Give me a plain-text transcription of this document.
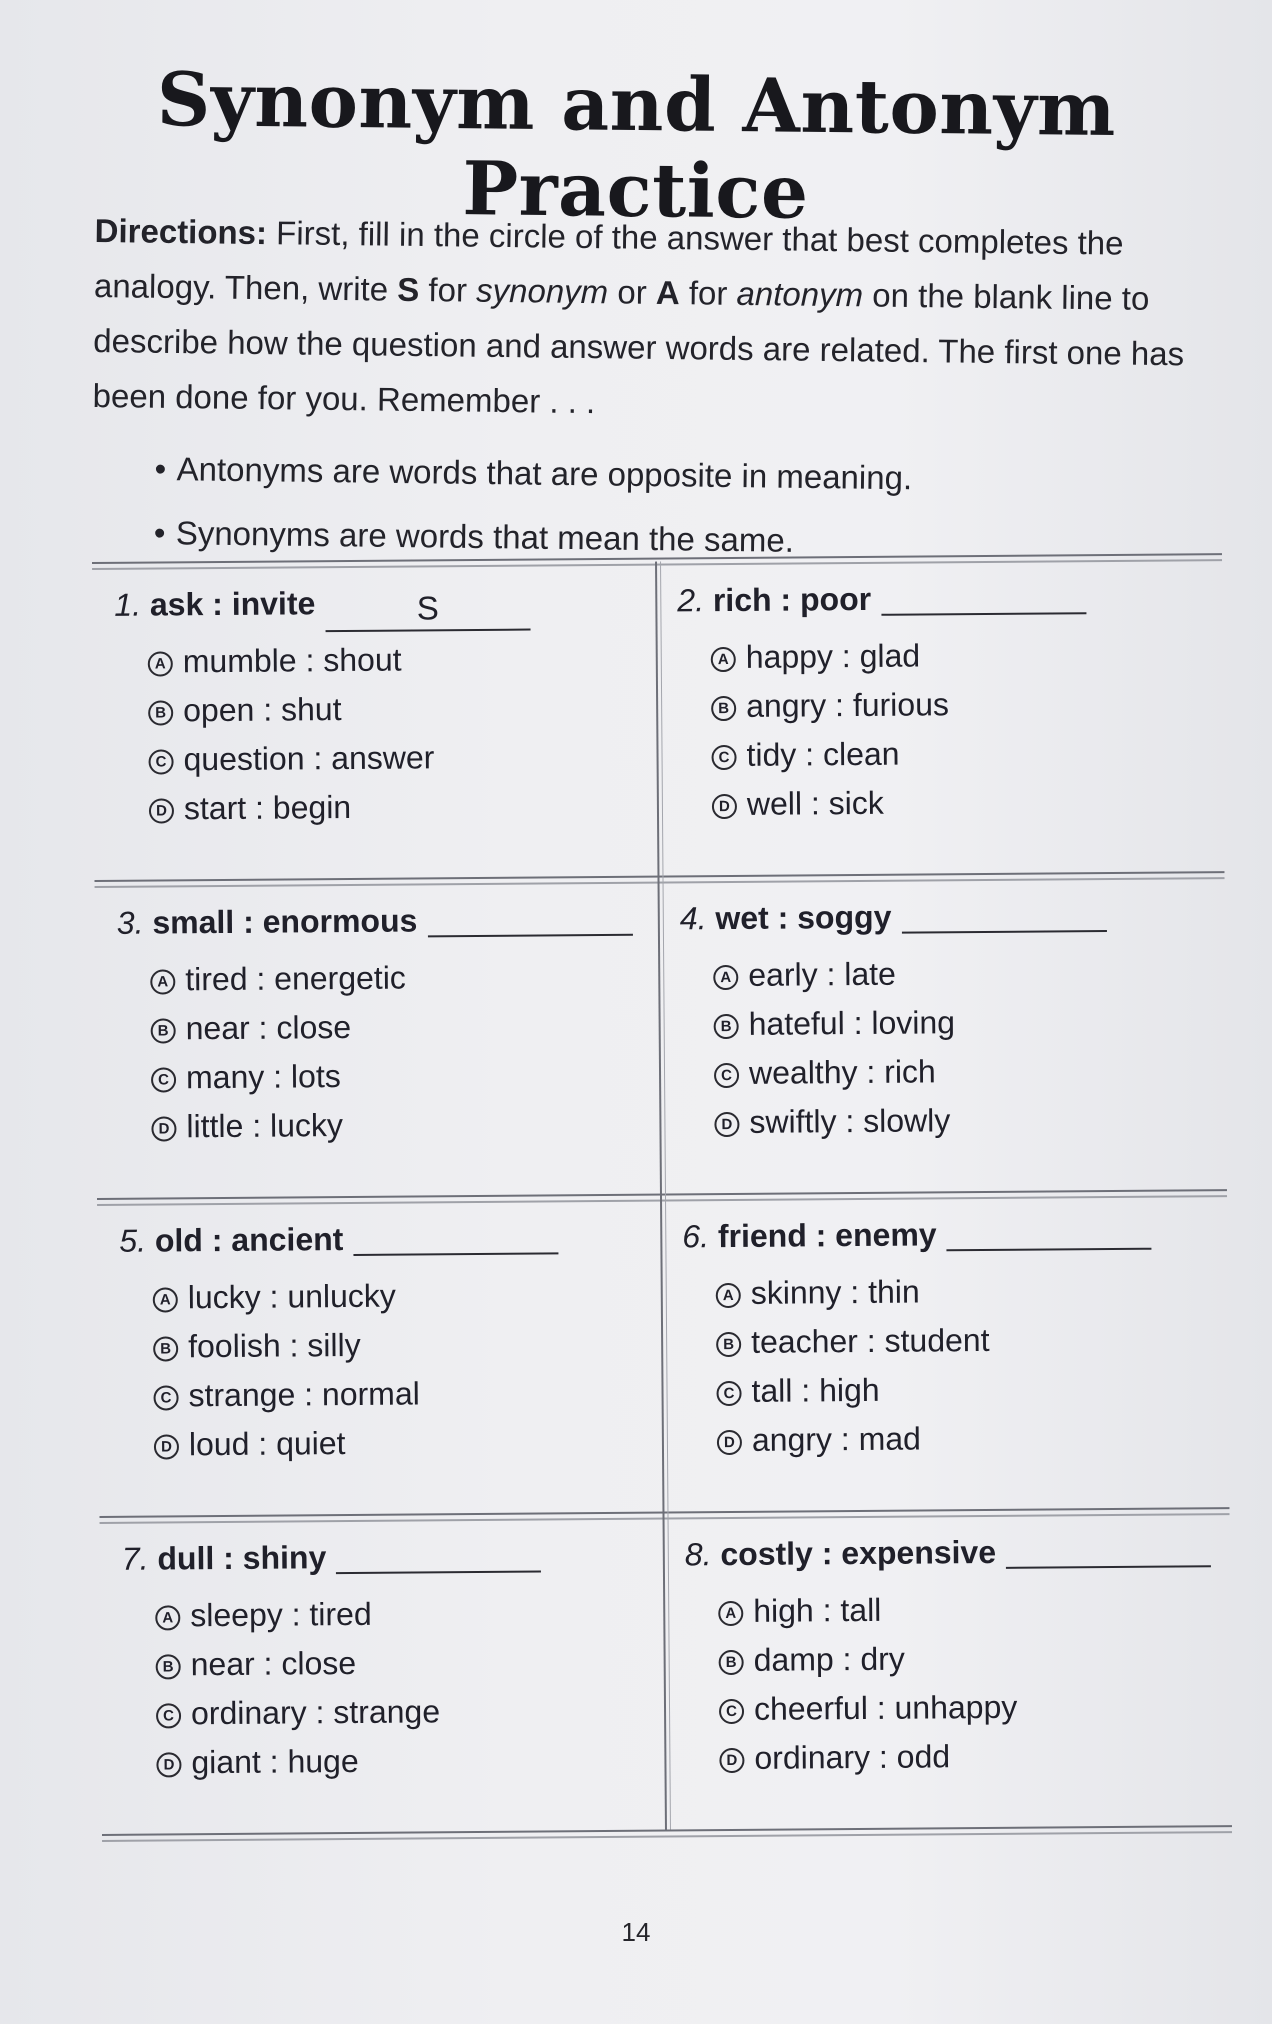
Synonym and Antonym Practice
Directions: First, fill in the circle of the answer that best completes the analogy. Then, write S for synonym or A for antonym on the blank line to describe how the question and answer words are related. The first one has been done for you. Remember . . .
• Antonyms are words that are opposite in meaning.
• Synonyms are words that mean the same.
1. ask : invite	S
A mumble : shout
B open : shut
C question : answer
D start : begin
2. rich : poor
A happy : glad
B angry : furious
C tidy : clean
D well : sick
3. small : enormous
A tired : energetic
B near : close
C many : lots
D little : lucky
4. wet : soggy
A early : late
B hateful : loving
C wealthy : rich
D swiftly : slowly
5. old : ancient
A lucky : unlucky
B foolish : silly
C strange : normal
D loud : quiet
6. friend : enemy
A skinny : thin
B teacher : student
C tall : high
D angry : mad
7. dull : shiny
A sleepy : tired
B near : close
C ordinary : strange
D giant : huge
8. costly : expensive
A high : tall
B damp : dry
C cheerful : unhappy
D ordinary : odd
14
